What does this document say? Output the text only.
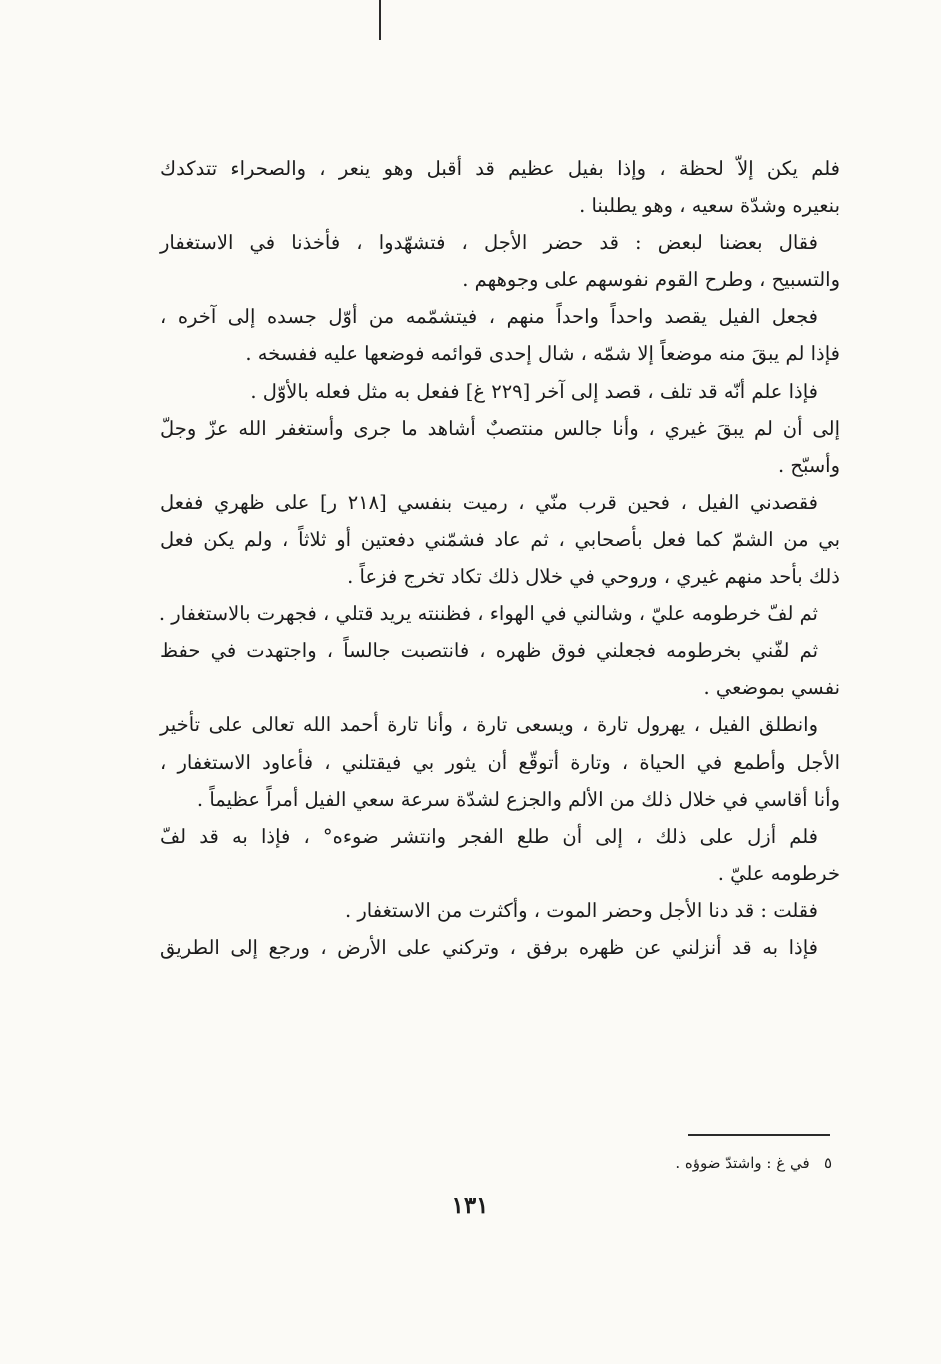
فلم يكن إلاّ لحظة ، وإذا بفيل عظيم قد أقبل وهو ينعر ، والصحراء تتدكدك
بنعيره وشدّة سعيه ، وهو يطلبنا .
فقال بعضنا لبعض : قد حضر الأجل ، فتشهّدوا ، فأخذنا في الاستغفار
والتسبيح ، وطرح القوم نفوسهم على وجوههم .
فجعل الفيل يقصد واحداً واحداً منهم ، فيتشمّمه من أوّل جسده إلى آخره ،
فإذا لم يبقَ منه موضعاً إلا شمّه ، شال إحدى قوائمه فوضعها عليه ففسخه .
فإذا علم أنّه قد تلف ، قصد إلى آخر [٢٢٩ غ] ففعل به مثل فعله بالأوّل .
إلى أن لم يبقَ غيري ، وأنا جالس منتصبٌ أشاهد ما جرى وأستغفر الله عزّ وجلّ
وأسبّح .
فقصدني الفيل ، فحين قرب منّي ، رميت بنفسي [٢١٨ ر] على ظهري ففعل
بي من الشمّ كما فعل بأصحابي ، ثم عاد فشمّني دفعتين أو ثلاثاً ، ولم يكن فعل
ذلك بأحد منهم غيري ، وروحي في خلال ذلك تكاد تخرج فزعاً .
ثم لفّ خرطومه عليّ ، وشالني في الهواء ، فظننته يريد قتلي ، فجهرت بالاستغفار .
ثم لفّني بخرطومه فجعلني فوق ظهره ، فانتصبت جالساً ، واجتهدت في حفظ
نفسي بموضعي .
وانطلق الفيل ، يهرول تارة ، ويسعى تارة ، وأنا تارة أحمد الله تعالى على تأخير
الأجل وأطمع في الحياة ، وتارة أتوقّع أن يثور بي فيقتلني ، فأعاود الاستغفار ،
وأنا أقاسي في خلال ذلك من الألم والجزع لشدّة سرعة سعي الفيل أمراً عظيماً .
فلم أزل على ذلك ، إلى أن طلع الفجر وانتشر ضوءه° ، فإذا به قد لفّ
خرطومه عليّ .
فقلت : قد دنا الأجل وحضر الموت ، وأكثرت من الاستغفار .
فإذا به قد أنزلني عن ظهره برفق ، وتركني على الأرض ، ورجع إلى الطريق
٥   في غ : واشتدّ ضوؤه .
١٣١
